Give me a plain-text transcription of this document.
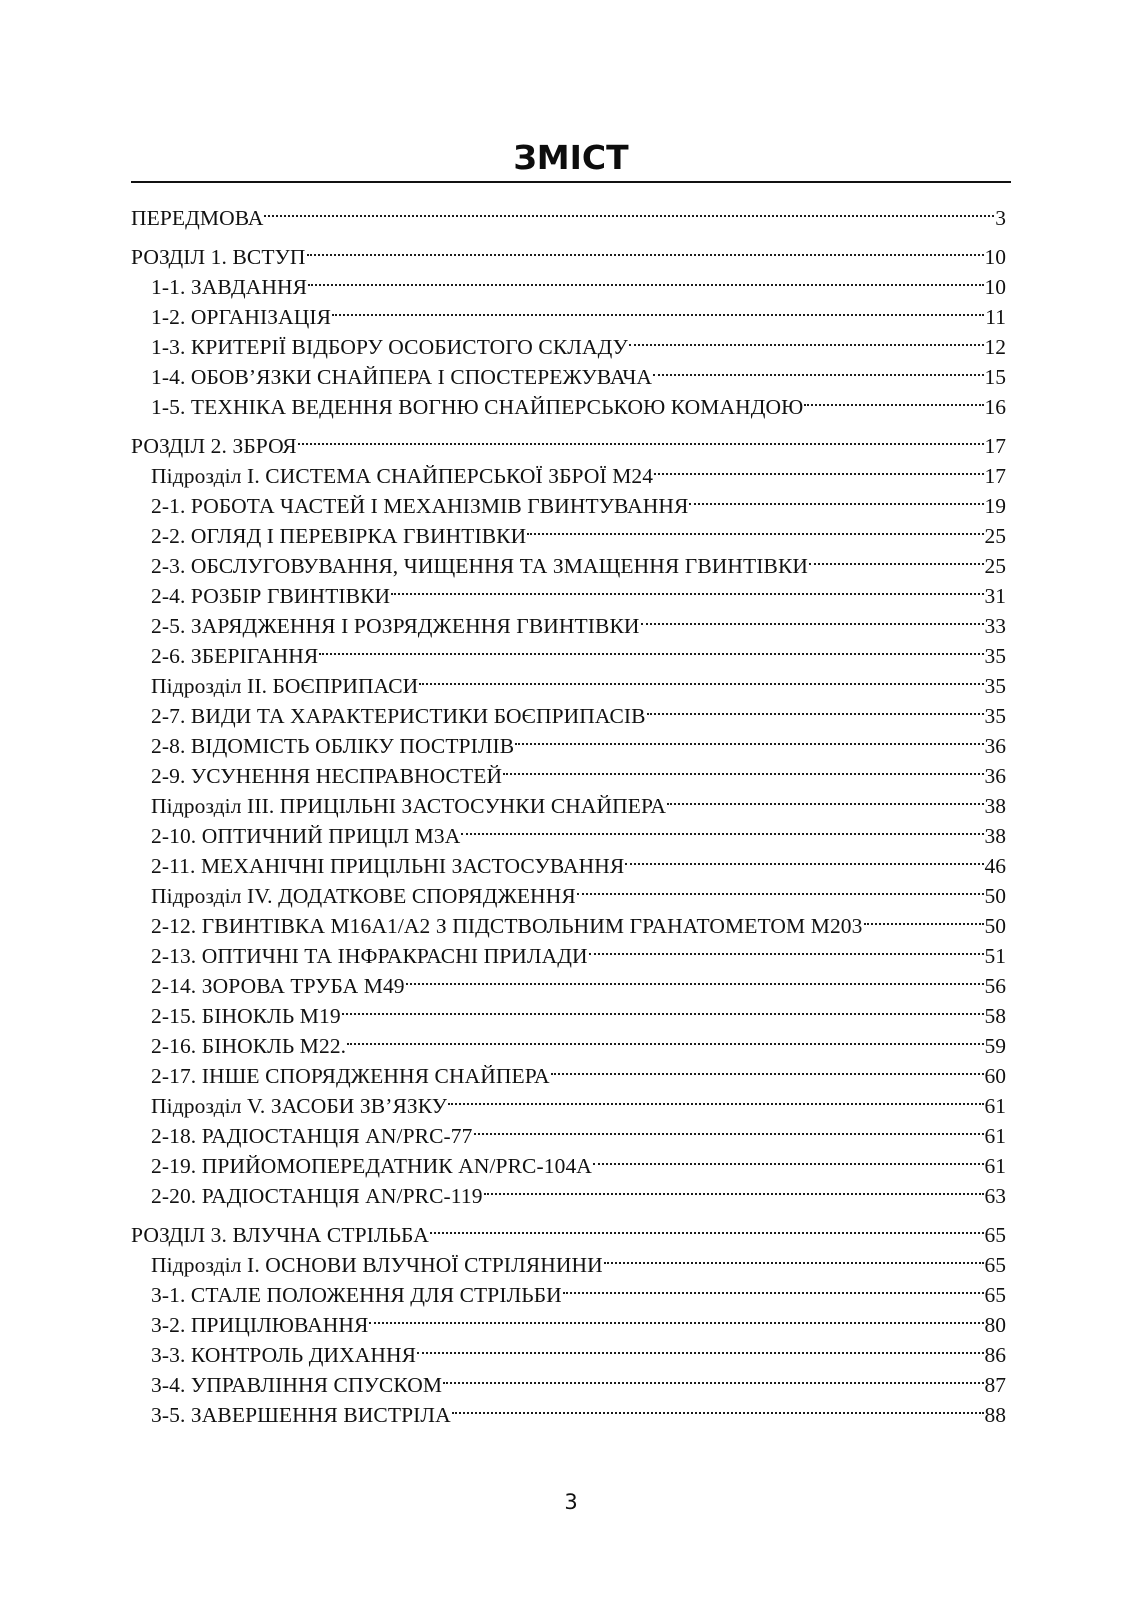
ЗМІСТ
ПЕРЕДМОВА	3
РОЗДІЛ 1. ВСТУП	10
1-1. ЗАВДАННЯ	10
1-2. ОРГАНІЗАЦІЯ	11
1-3. КРИТЕРІЇ ВІДБОРУ ОСОБИСТОГО СКЛАДУ	12
1-4. ОБОВ’ЯЗКИ СНАЙПЕРА І СПОСТЕРЕЖУВАЧА	15
1-5. ТЕХНІКА ВЕДЕННЯ ВОГНЮ СНАЙПЕРСЬКОЮ КОМАНДОЮ	16
РОЗДІЛ 2. ЗБРОЯ	17
Підрозділ I. СИСТЕМА СНАЙПЕРСЬКОЇ ЗБРОЇ М24	17
2-1. РОБОТА ЧАСТЕЙ І МЕХАНІЗМІВ ГВИНТУВАННЯ	19
2-2. ОГЛЯД І ПЕРЕВІРКА ГВИНТІВКИ	25
2-3. ОБСЛУГОВУВАННЯ, ЧИЩЕННЯ ТА ЗМАЩЕННЯ ГВИНТІВКИ	25
2-4. РОЗБІР ГВИНТІВКИ	31
2-5. ЗАРЯДЖЕННЯ І РОЗРЯДЖЕННЯ ГВИНТІВКИ	33
2-6. ЗБЕРІГАННЯ	35
Підрозділ II. БОЄПРИПАСИ	35
2-7. ВИДИ ТА ХАРАКТЕРИСТИКИ БОЄПРИПАСІВ	35
2-8. ВІДОМІСТЬ ОБЛІКУ ПОСТРІЛІВ	36
2-9. УСУНЕННЯ НЕСПРАВНОСТЕЙ	36
Підрозділ III. ПРИЦІЛЬНІ ЗАСТОСУНКИ СНАЙПЕРА	38
2-10. ОПТИЧНИЙ ПРИЦІЛ М3А	38
2-11. МЕХАНІЧНІ ПРИЦІЛЬНІ ЗАСТОСУВАННЯ	46
Підрозділ IV. ДОДАТКОВЕ СПОРЯДЖЕННЯ	50
2-12. ГВИНТІВКА M16A1/A2 З ПІДСТВОЛЬНИМ ГРАНАТОМЕТОМ M203	50
2-13. ОПТИЧНІ ТА ІНФРАКРАСНІ ПРИЛАДИ	51
2-14. ЗОРОВА ТРУБА М49	56
2-15. БІНОКЛЬ М19	58
2-16. БІНОКЛЬ М22.	59
2-17. ІНШЕ СПОРЯДЖЕННЯ СНАЙПЕРА	60
Підрозділ V. ЗАСОБИ ЗВ’ЯЗКУ	61
2-18. РАДІОСТАНЦІЯ AN/PRC-77	61
2-19. ПРИЙОМОПЕРЕДАТНИК AN/PRC-104A	61
2-20. РАДІОСТАНЦІЯ AN/PRC-119	63
РОЗДІЛ 3. ВЛУЧНА СТРІЛЬБА	65
Підрозділ I. ОСНОВИ ВЛУЧНОЇ СТРІЛЯНИНИ	65
3-1. СТАЛЕ ПОЛОЖЕННЯ ДЛЯ СТРІЛЬБИ	65
3-2. ПРИЦІЛЮВАННЯ	80
3-3. КОНТРОЛЬ ДИХАННЯ	86
3-4. УПРАВЛІННЯ СПУСКОМ	87
3-5. ЗАВЕРШЕННЯ ВИСТРІЛА	88
3
